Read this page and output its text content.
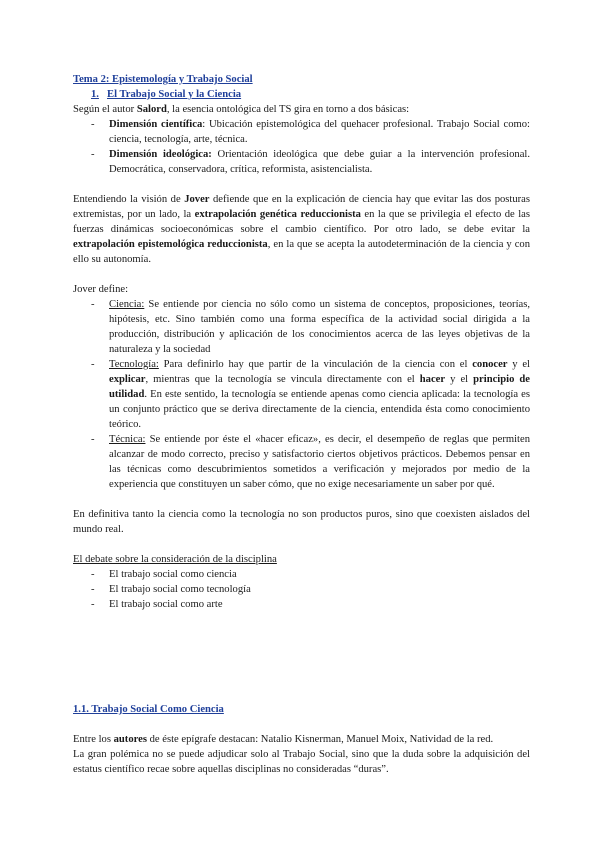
Tema 2: Epistemología y Trabajo Social
1. El Trabajo Social y la Ciencia

Según el autor Salord, la esencia ontológica del TS gira en torno a dos básicas:

- Dimensión científica: Ubicación epistemológica del quehacer profesional. Trabajo Social como: ciencia, tecnología, arte, técnica.
- Dimensión ideológica: Orientación ideológica que debe guiar a la intervención profesional. Democrática, conservadora, crítica, reformista, asistencialista.

Entendiendo la visión de Jover defiende que en la explicación de ciencia hay que evitar las dos posturas extremistas, por un lado, la extrapolación genética reduccionista en la que se privilegia el efecto de las fuerzas dinámicas socioeconómicas sobre el cambio científico. Por otro lado, se debe evitar la extrapolación epistemológica reduccionista, en la que se acepta la autodeterminación de la ciencia y con ello su autonomía.

Jover define:

- Ciencia: Se entiende por ciencia no sólo como un sistema de conceptos, proposiciones, teorías, hipótesis, etc. Sino también como una forma específica de la actividad social dirigida a la producción, distribución y aplicación de los conocimientos acerca de las leyes objetivas de la naturaleza y la sociedad
- Tecnología: Para definirlo hay que partir de la vinculación de la ciencia con el conocer y el explicar, mientras que la tecnología se vincula directamente con el hacer y el principio de utilidad. En este sentido, la tecnología se entiende apenas como ciencia aplicada: la tecnología es un conjunto práctico que se deriva directamente de la ciencia, entendida ésta como conocimiento teórico.
- Técnica: Se entiende por éste el «hacer eficaz», es decir, el desempeño de reglas que permiten alcanzar de modo correcto, preciso y satisfactorio ciertos objetivos prácticos. Debemos pensar en las técnicas como descubrimientos sometidos a verificación y mejorados por medio de la experiencia que constituyen un saber cómo, que no exige necesariamente un saber por qué.

En definitiva tanto la ciencia como la tecnología no son productos puros, sino que coexisten aislados del mundo real.

El debate sobre la consideración de la disciplina

- El trabajo social como ciencia
- El trabajo social como tecnología
- El trabajo social como arte
1.1. Trabajo Social Como Ciencia

Entre los autores de éste epígrafe destacan: Natalio Kisnerman, Manuel Moix, Natividad de la red.

La gran polémica no se puede adjudicar solo al Trabajo Social, sino que la duda sobre la adquisición del estatus científico recae sobre aquellas disciplinas no consideradas “duras”.
